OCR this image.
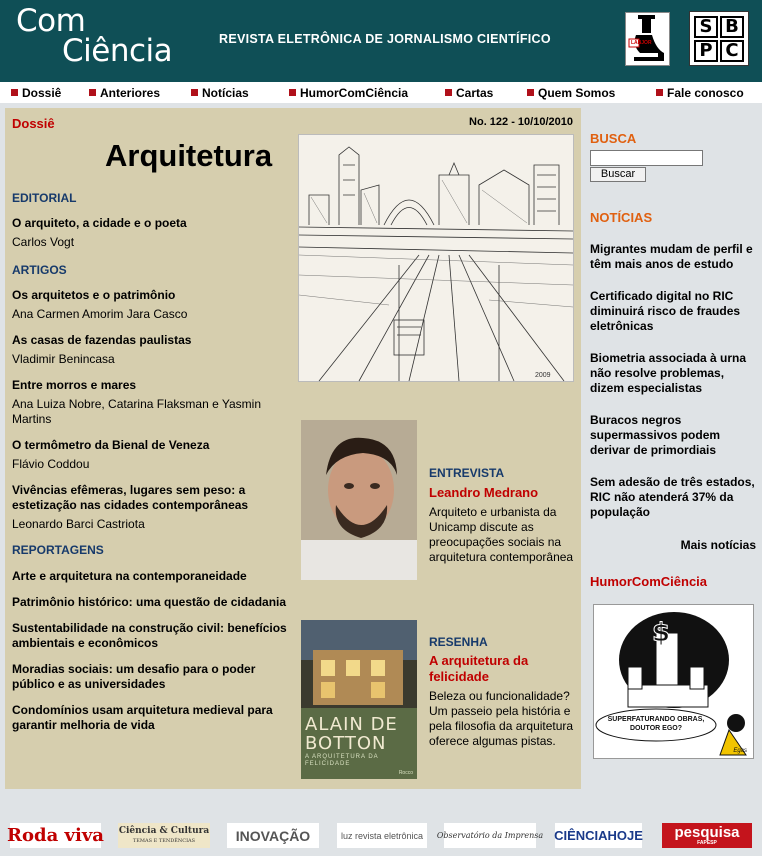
Com
Ciência	REVISTA ELETRÔNICA DE JORNALISMO CIENTÍFICO	LABJOR
S B
P C
Dossiê	Anteriores	Notícias	HumorComCiência	Cartas	Quem Somos	Fale conosco
Dossiê	No. 122 - 10/10/2010
Arquitetura
2009
EDITORIAL
O arquiteto, a cidade e o poeta
Carlos Vogt
ARTIGOS
Os arquitetos e o patrimônio
Ana Carmen Amorim Jara Casco
As casas de fazendas paulistas
Vladimir Benincasa
Entre morros e mares
Ana Luiza Nobre, Catarina Flaksman e Yasmin Martins
O termômetro da Bienal de Veneza
Flávio Coddou
Vivências efêmeras, lugares sem peso: a estetização nas cidades contemporâneas
Leonardo Barci Castriota
REPORTAGENS
Arte e arquitetura na contemporaneidade
Patrimônio histórico: uma questão de cidadania
Sustentabilidade na construção civil: benefícios ambientais e econômicos
Moradias sociais: um desafio para o poder público e as universidades
Condomínios usam arquitetura medieval para garantir melhoria de vida
ENTREVISTA
Leandro Medrano
Arquiteto e urbanista da Unicamp discute as preocupações sociais na arquitetura contemporânea
ALAIN DE
BOTTON
A ARQUITETURA DA FELICIDADE
Rocco
RESENHA
A arquitetura da felicidade
Beleza ou funcionalidade? Um passeio pela história e pela filosofia da arquitetura oferece algumas pistas.
BUSCA
Buscar
NOTÍCIAS
Migrantes mudam de perfil e têm mais anos de estudo
Certificado digital no RIC diminuirá risco de fraudes eletrônicas
Biometria associada à urna não resolve problemas, dizem especialistas
Buracos negros supermassivos podem derivar de primordiais
Sem adesão de três estados, RIC não atenderá 37% da população
Mais notícias
HumorComCiência
$
SUPERFATURANDO OBRAS, DOUTOR EGO?
Egas
Roda viva Ciência & Cultura
TEMAS E TENDÊNCIAS	INOVAÇÃO	luz revista eletrônica	Observatório da Imprensa CIÊNCIAHOJE pesquisa
FAPESP
